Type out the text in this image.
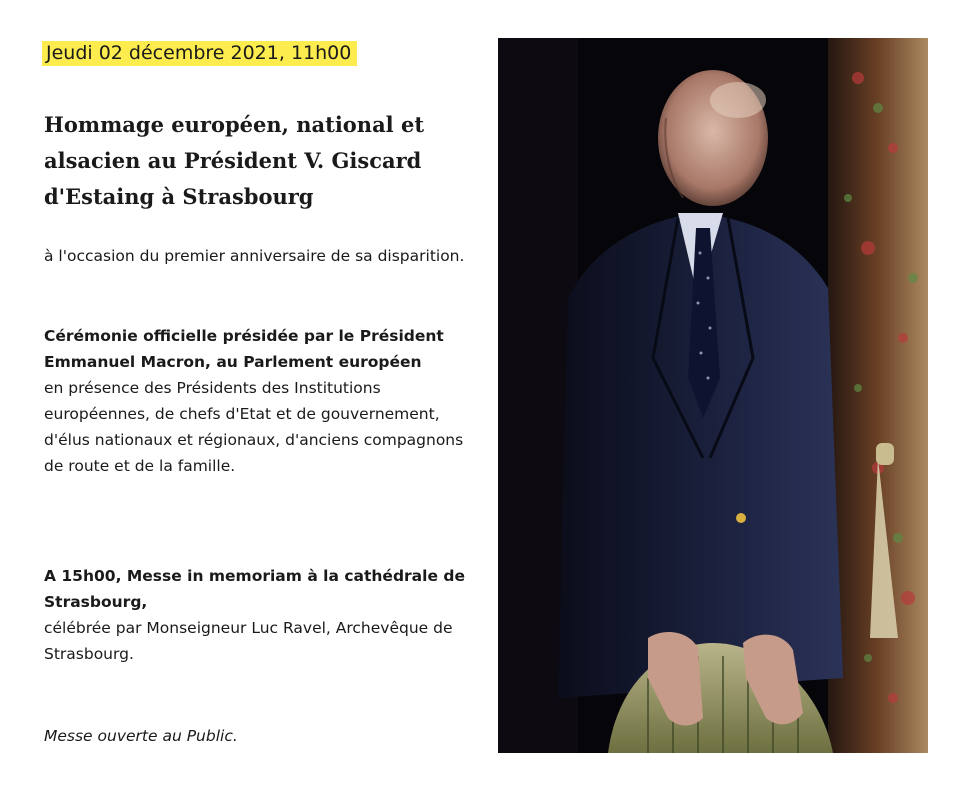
Jeudi 02 décembre 2021, 11h00
Hommage européen, national et alsacien au Président V. Giscard d'Estaing à Strasbourg

à l'occasion du premier anniversaire de sa disparition.

Cérémonie officielle présidée par le Président Emmanuel Macron, au Parlement européen
en présence des Présidents des Institutions européennes, de chefs d'Etat et de gouvernement, d'élus nationaux et régionaux, d'anciens compagnons de route et de la famille.
A 15h00, Messe in memoriam à la cathédrale de Strasbourg,
célébrée par Monseigneur Luc Ravel, Archevêque de Strasbourg.

Messe ouverte au Public.
